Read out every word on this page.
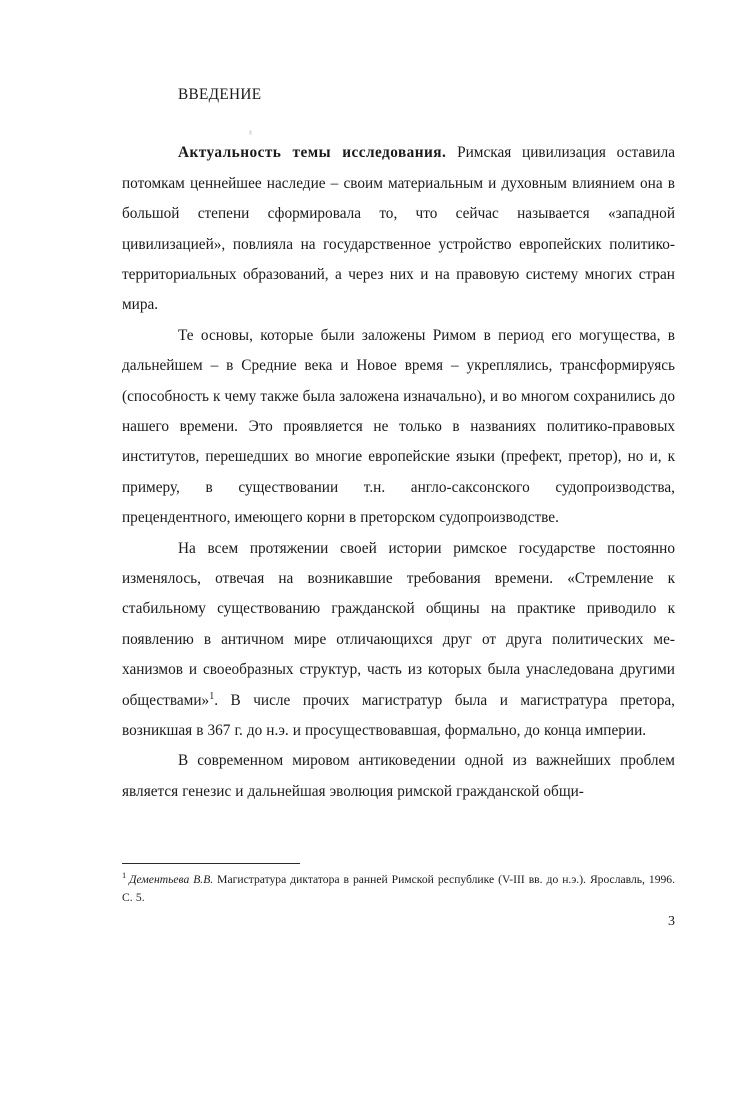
ВВЕДЕНИЕ

Актуальность темы исследования. Римская цивилизация оставила потомкам ценнейшее наследие – своим материальным и духовным влиянием она в большой степени сформировала то, что сейчас называется «западной цивилизацией», повлияла на государственное устройство европейских политико-территориальных образований, а через них и на правовую систему многих стран мира.

Те основы, которые были заложены Римом в период его могущества, в дальнейшем – в Средние века и Новое время – укреплялись, трансформируясь (способность к чему также была заложена изначально), и во многом сохранились до нашего времени. Это проявляется не только в названиях политико-правовых институтов, перешедших во многие европейские языки (префект, претор), но и, к примеру, в существовании т.н. англо-саксонского судопроизводства, прецендентного, имеющего корни в преторском судопроизводстве.

На всем протяжении своей истории римское государстве постоянно изменялось, отвечая на возникавшие требования времени. «Стремление к стабильному существованию гражданской общины на практике приводило к появлению в античном мире отличающихся друг от друга политических механизмов и своеобразных структур, часть из которых была унаследована другими обществами»$^1$. В числе прочих магистратур была и магистратура претора, возникшая в 367 г. до н.э. и просуществовавшая, формально, до конца империи.

В современном мировом антиковедении одной из важнейших проблем является генезис и дальнейшая эволюция римской гражданской общи-

$^1$ Дементьева В.В. Магистратура диктатора в ранней Римской республике (V-III вв. до н.э.). Ярославль, 1996. С. 5.

3
